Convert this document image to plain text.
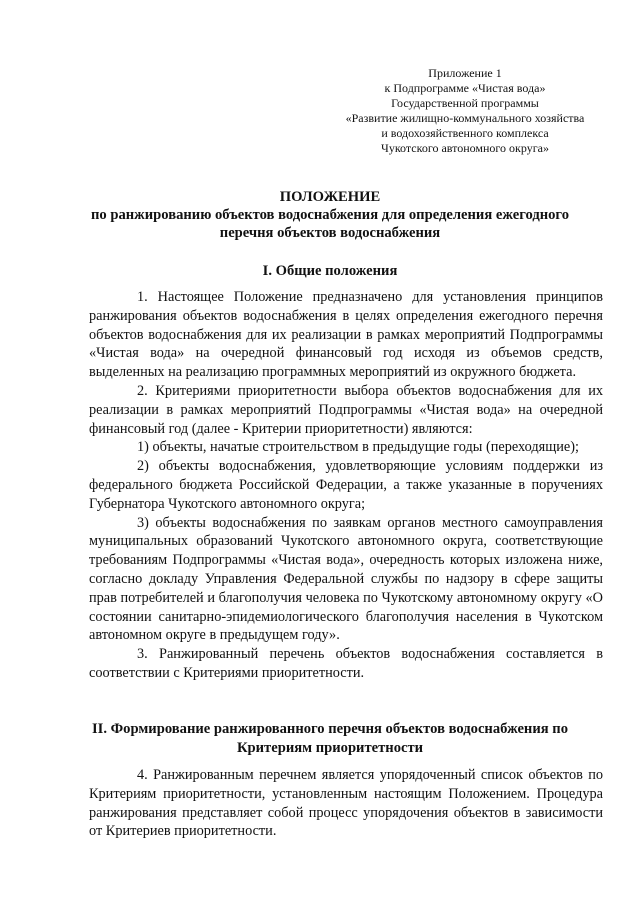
Приложение 1
к Подпрограмме «Чистая вода»
Государственной программы
«Развитие жилищно-коммунального хозяйства
и водохозяйственного комплекса
Чукотского автономного округа»
ПОЛОЖЕНИЕ
по ранжированию объектов водоснабжения для определения ежегодного
перечня объектов водоснабжения
I. Общие положения

1. Настоящее Положение предназначено для установления принципов ранжирования объектов водоснабжения в целях определения ежегодного перечня объектов водоснабжения для их реализации в рамках мероприятий Подпрограммы «Чистая вода» на очередной финансовый год исходя из объемов средств, выделенных на реализацию программных мероприятий из окружного бюджета.

2. Критериями приоритетности выбора объектов водоснабжения для их реализации в рамках мероприятий Подпрограммы «Чистая вода» на очередной финансовый год (далее - Критерии приоритетности) являются:

1) объекты, начатые строительством в предыдущие годы (переходящие);

2) объекты водоснабжения, удовлетворяющие условиям поддержки из федерального бюджета Российской Федерации, а также указанные в поручениях Губернатора Чукотского автономного округа;

3) объекты водоснабжения по заявкам органов местного самоуправления муниципальных образований Чукотского автономного округа, соответствующие требованиям Подпрограммы «Чистая вода», очередность которых изложена ниже, согласно докладу Управления Федеральной службы по надзору в сфере защиты прав потребителей и благополучия человека по Чукотскому автономному округу «О состоянии санитарно-эпидемиологического благополучия населения в Чукотском автономном округе в предыдущем году».

3. Ранжированный перечень объектов водоснабжения составляется в соответствии с Критериями приоритетности.

II. Формирование ранжированного перечня объектов водоснабжения по
Критериям приоритетности

4. Ранжированным перечнем является упорядоченный список объектов по Критериям приоритетности, установленным настоящим Положением. Процедура ранжирования представляет собой процесс упорядочения объектов в зависимости от Критериев приоритетности.
